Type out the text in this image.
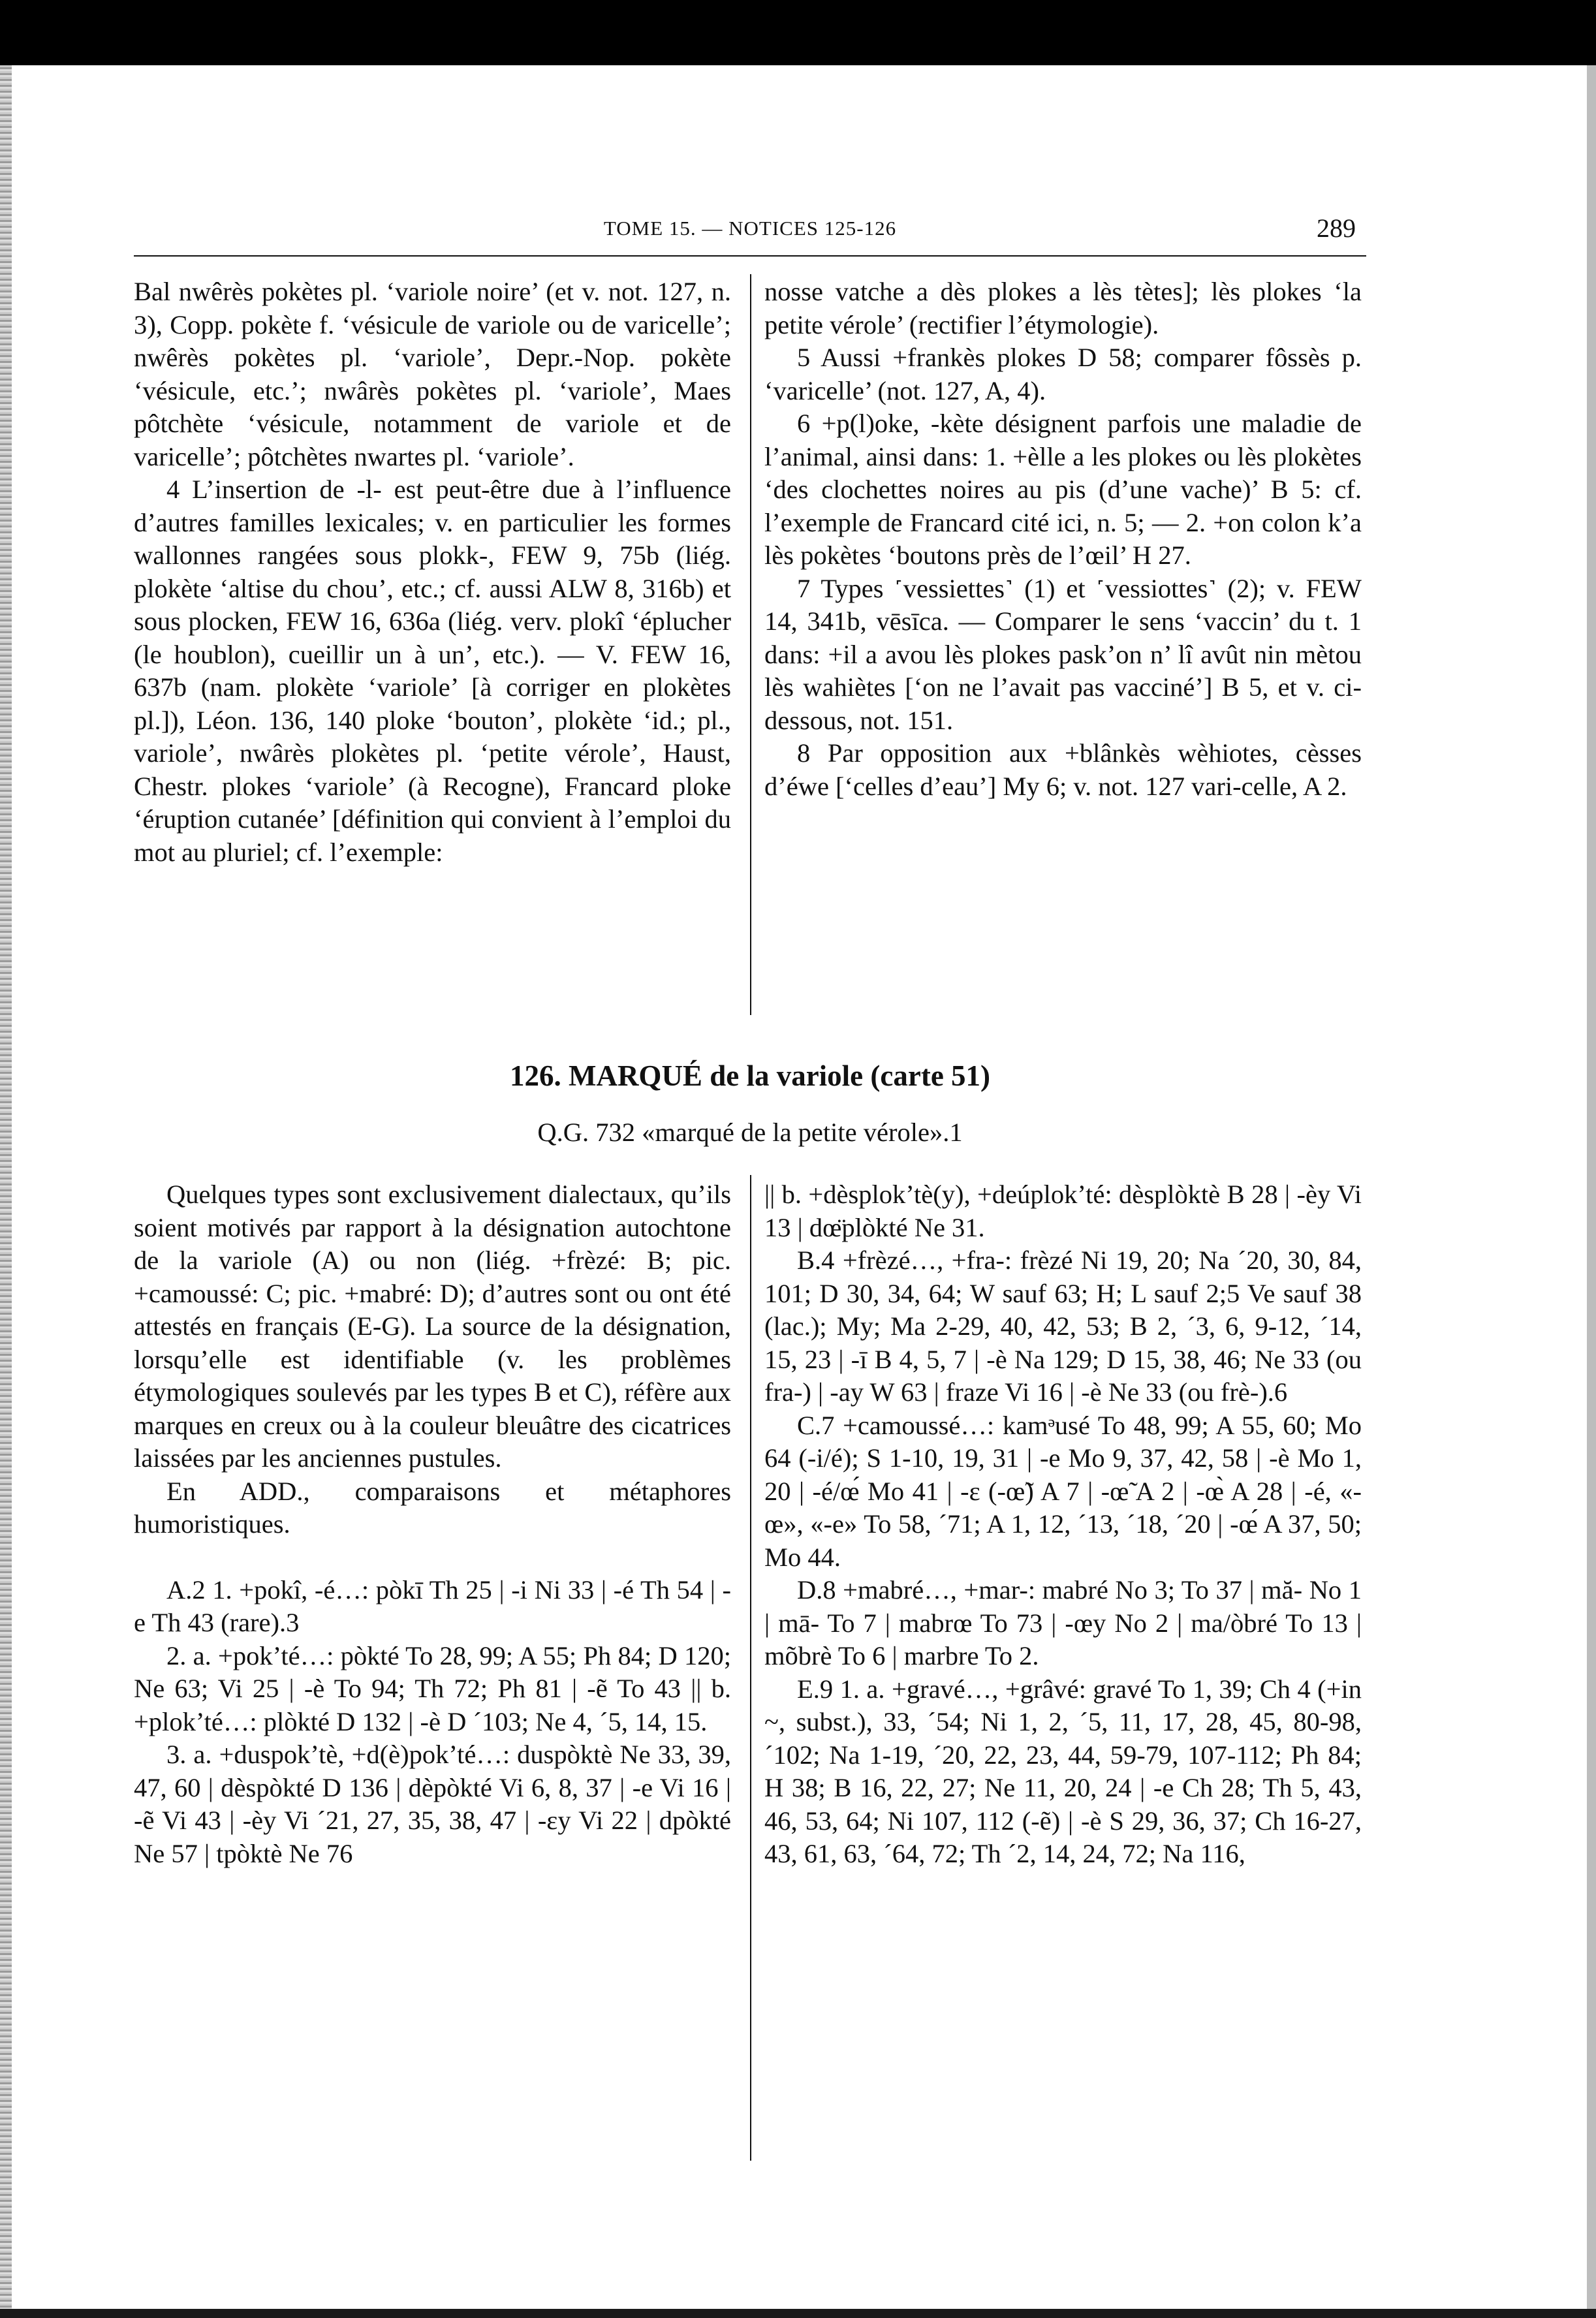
TOME 15. — NOTICES 125-126	289

Bal nwêrès pokètes pl. ‘variole noire’ (et v. not. 127, n. 3), Copp. pokète f. ‘vésicule de variole ou de varicelle’; nwêrès pokètes pl. ‘variole’, Depr.-Nop. pokète ‘vésicule, etc.’; nwârès pokètes pl. ‘variole’, Maes pôtchète ‘vésicule, notamment de variole et de varicelle’; pôtchètes nwartes pl. ‘variole’.

4 L’insertion de -l- est peut-être due à l’influence d’autres familles lexicales; v. en particulier les formes wallonnes rangées sous plokk-, FEW 9, 75b (liég. plokète ‘altise du chou’, etc.; cf. aussi ALW 8, 316b) et sous plocken, FEW 16, 636a (liég. verv. plokî ‘éplucher (le houblon), cueillir un à un’, etc.). — V. FEW 16, 637b (nam. plokète ‘variole’ [à corriger en plokètes pl.]), Léon. 136, 140 ploke ‘bouton’, plokète ‘id.; pl., variole’, nwârès plokètes pl. ‘petite vérole’, Haust, Chestr. plokes ‘variole’ (à Recogne), Francard ploke ‘éruption cutanée’ [définition qui convient à l’emploi du mot au pluriel; cf. l’exemple:

nosse vatche a dès plokes a lès tètes]; lès plokes ‘la petite vérole’ (rectifier l’étymologie).

5 Aussi +frankès plokes D 58; comparer fôssès p. ‘varicelle’ (not. 127, A, 4).

6 +p(l)oke, -kète désignent parfois une maladie de l’animal, ainsi dans: 1. +èlle a les plokes ou lès plokètes ‘des clochettes noires au pis (d’une vache)’ B 5: cf. l’exemple de Francard cité ici, n. 5; — 2. +on colon k’a lès pokètes ‘boutons près de l’œil’ H 27.

7 Types ˹vessiettes˺ (1) et ˹vessiottes˺ (2); v. FEW 14, 341b, vēsīca. — Comparer le sens ‘vaccin’ du t. 1 dans: +il a avou lès plokes pask’on n’ lî avût nin mètou lès wahiètes [‘on ne l’avait pas vacciné’] B 5, et v. ci-dessous, not. 151.

8 Par opposition aux +blânkès wèhiotes, cèsses d’éwe [‘celles d’eau’] My 6; v. not. 127 vari-celle, A 2.

126. MARQUÉ de la variole (carte 51)
Q.G. 732 «marqué de la petite vérole».1

Quelques types sont exclusivement dialectaux, qu’ils soient motivés par rapport à la désignation autochtone de la variole (A) ou non (liég. +frèzé: B; pic. +camoussé: C; pic. +mabré: D); d’autres sont ou ont été attestés en français (E-G). La source de la désignation, lorsqu’elle est identifiable (v. les problèmes étymologiques soulevés par les types B et C), réfère aux marques en creux ou à la couleur bleuâtre des cicatrices laissées par les anciennes pustules.

En ADD., comparaisons et métaphores humoristiques.

A.2 1. +pokî, -é…: pòkī Th 25 | -i Ni 33 | -é Th 54 | -e Th 43 (rare).3

2. a. +pok’té…: pòkté To 28, 99; A 55; Ph 84; D 120; Ne 63; Vi 25 | -è To 94; Th 72; Ph 81 | -ẽ To 43 || b. +plok’té…: plòkté D 132 | -è D ´103; Ne 4, ´5, 14, 15.

3. a. +duspok’tè, +d(è)pok’té…: duspòktè Ne 33, 39, 47, 60 | dèspòkté D 136 | dèpòkté Vi 6, 8, 37 | -e Vi 16 | -ẽ Vi 43 | -èy Vi ´21, 27, 35, 38, 47 | -ɛy Vi 22 | dpòkté Ne 57 | tpòktè Ne 76

|| b. +dèsplok’tè(y), +deúplok’té: dèsplòktè B 28 | -èy Vi 13 | dœ̈plòkté Ne 31.

B.4 +frèzé…, +fra-: frèzé Ni 19, 20; Na ´20, 30, 84, 101; D 30, 34, 64; W sauf 63; H; L sauf 2;5 Ve sauf 38 (lac.); My; Ma 2-29, 40, 42, 53; B 2, ´3, 6, 9-12, ´14, 15, 23 | -ī B 4, 5, 7 | -è Na 129; D 15, 38, 46; Ne 33 (ou fra-) | -ay W 63 | fraze Vi 16 | -è Ne 33 (ou frè-).6

C.7 +camoussé…: kamᵊusé To 48, 99; A 55, 60; Mo 64 (-i/é); S 1-10, 19, 31 | -e Mo 9, 37, 42, 58 | -è Mo 1, 20 | -é/œ́ Mo 41 | -ɛ (-œ̃) A 7 | -œ̃ A 2 | -œ̀ A 28 | -é, «-œ», «-e» To 58, ´71; A 1, 12, ´13, ´18, ´20 | -œ́ A 37, 50; Mo 44.

D.8 +mabré…, +mar-: mabré No 3; To 37 | mă- No 1 | mā- To 7 | mabrœ To 73 | -œy No 2 | ma/òbré To 13 | mõbrè To 6 | marbre To 2.

E.9 1. a. +gravé…, +grâvé: gravé To 1, 39; Ch 4 (+in ~, subst.), 33, ´54; Ni 1, 2, ´5, 11, 17, 28, 45, 80-98, ´102; Na 1-19, ´20, 22, 23, 44, 59-79, 107-112; Ph 84; H 38; B 16, 22, 27; Ne 11, 20, 24 | -e Ch 28; Th 5, 43, 46, 53, 64; Ni 107, 112 (-ẽ) | -è S 29, 36, 37; Ch 16-27, 43, 61, 63, ´64, 72; Th ´2, 14, 24, 72; Na 116,
